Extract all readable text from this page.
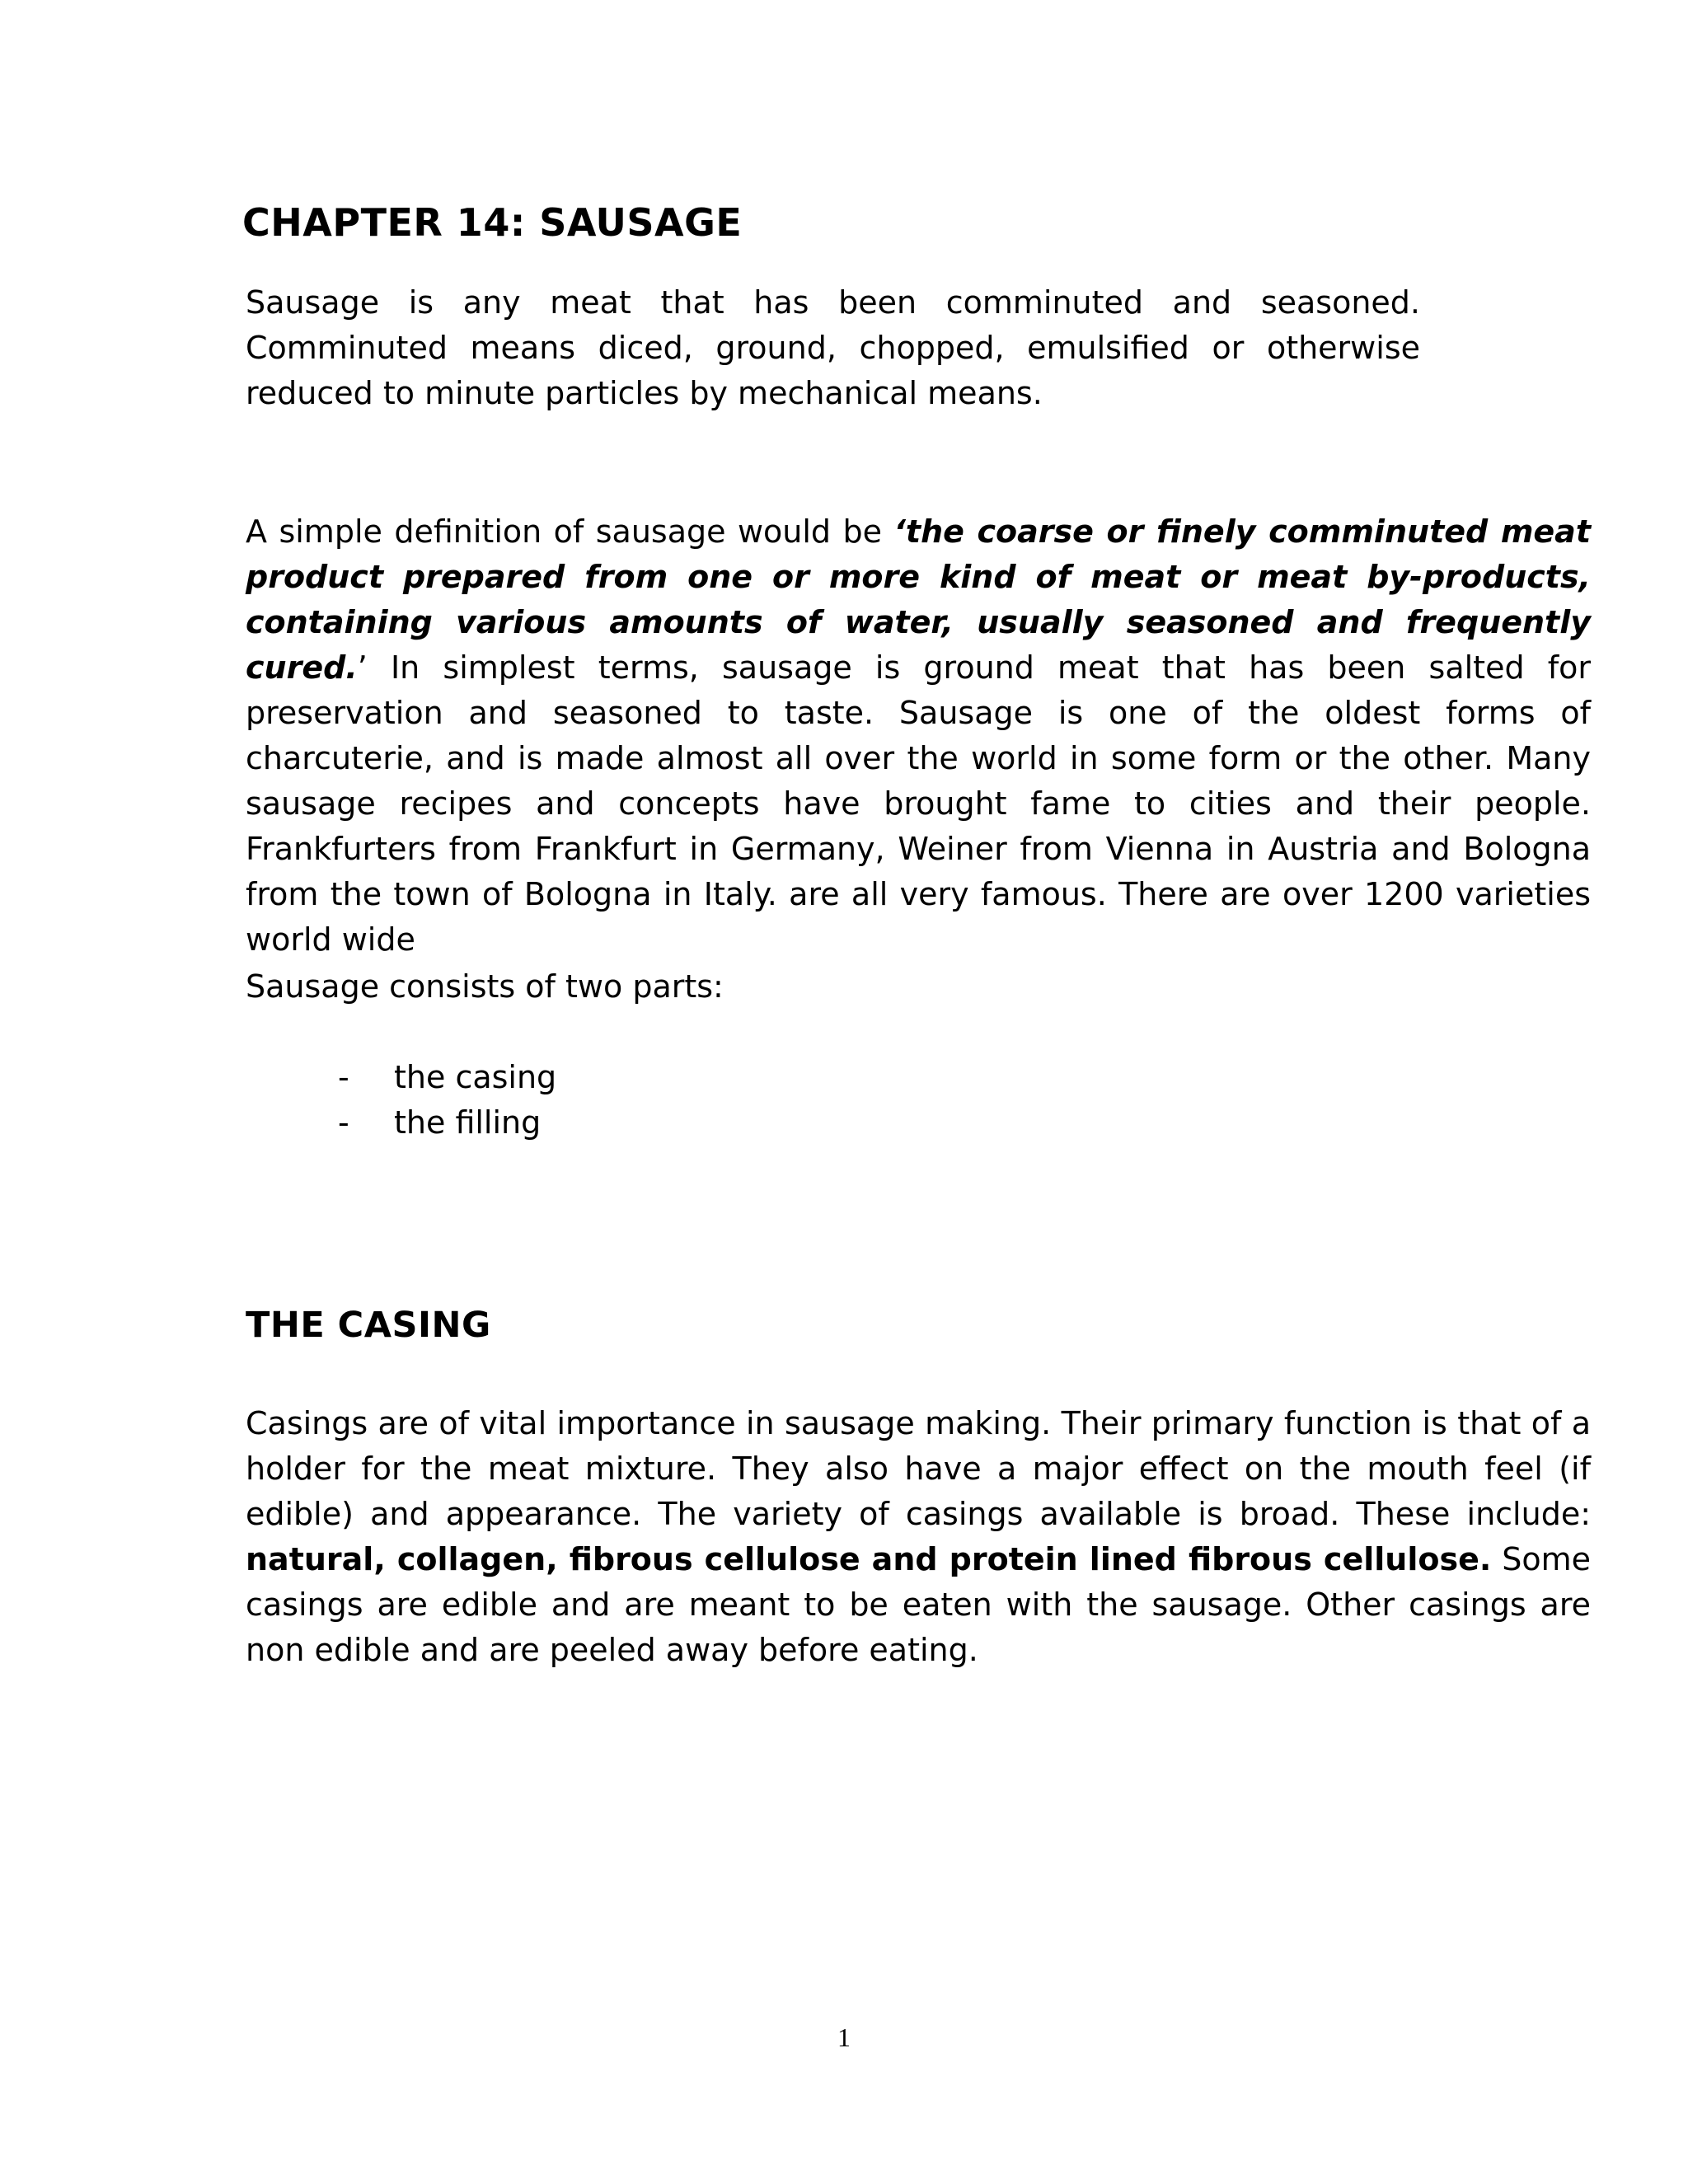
CHAPTER 14: SAUSAGE

Sausage is any meat that has been comminuted and seasoned. Comminuted means diced, ground, chopped, emulsified or otherwise reduced to minute particles by mechanical means.

A simple definition of sausage would be ‘the coarse or finely comminuted meat product prepared from one or more kind of meat or meat by-products, containing various amounts of water, usually seasoned and frequently cured.’ In simplest terms, sausage is ground meat that has been salted for preservation and seasoned to taste. Sausage is one of the oldest forms of charcuterie, and is made almost all over the world in some form or the other. Many sausage recipes and concepts have brought fame to cities and their people. Frankfurters from Frankfurt in Germany, Weiner from Vienna in Austria and Bologna from the town of Bologna in Italy. are all very famous. There are over 1200 varieties world wide

Sausage consists of two parts:

- the casing
- the filling
THE CASING

Casings are of vital importance in sausage making. Their primary function is that of a holder for the meat mixture. They also have a major effect on the mouth feel (if edible) and appearance. The variety of casings available is broad. These include: natural, collagen, fibrous cellulose and protein lined fibrous cellulose. Some casings are edible and are meant to be eaten with the sausage. Other casings are non edible and are peeled away before eating.

1
